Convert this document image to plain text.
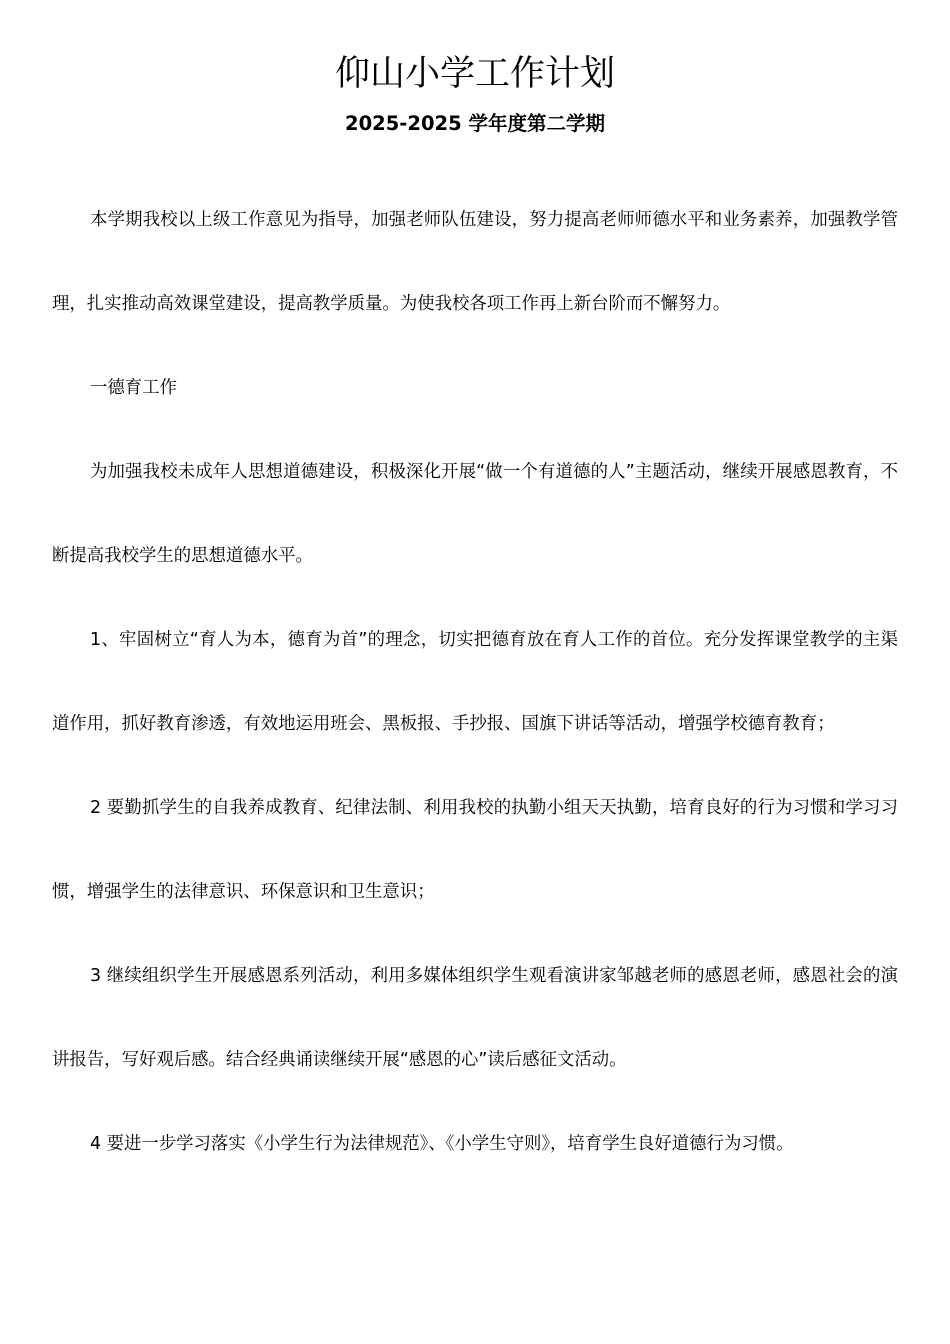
仰山小学工作计划
2025-2025 学年度第二学期

本学期我校以上级工作意见为指导，加强老师队伍建设，努力提高老师师德水平和业务素养，加强教学管理，扎实推动高效课堂建设，提高教学质量。为使我校各项工作再上新台阶而不懈努力。

一德育工作

为加强我校未成年人思想道德建设，积极深化开展“做一个有道德的人”主题活动，继续开展感恩教育，不断提高我校学生的思想道德水平。

1、牢固树立“育人为本，德育为首”的理念，切实把德育放在育人工作的首位。充分发挥课堂教学的主渠道作用，抓好教育渗透，有效地运用班会、黑板报、手抄报、国旗下讲话等活动，增强学校德育教育；

2 要勤抓学生的自我养成教育、纪律法制、利用我校的执勤小组天天执勤，培育良好的行为习惯和学习习惯，增强学生的法律意识、环保意识和卫生意识；

3 继续组织学生开展感恩系列活动，利用多媒体组织学生观看演讲家邹越老师的感恩老师，感恩社会的演讲报告，写好观后感。结合经典诵读继续开展“感恩的心”读后感征文活动。

4 要进一步学习落实《小学生行为法律规范》、《小学生守则》，培育学生良好道德行为习惯。
